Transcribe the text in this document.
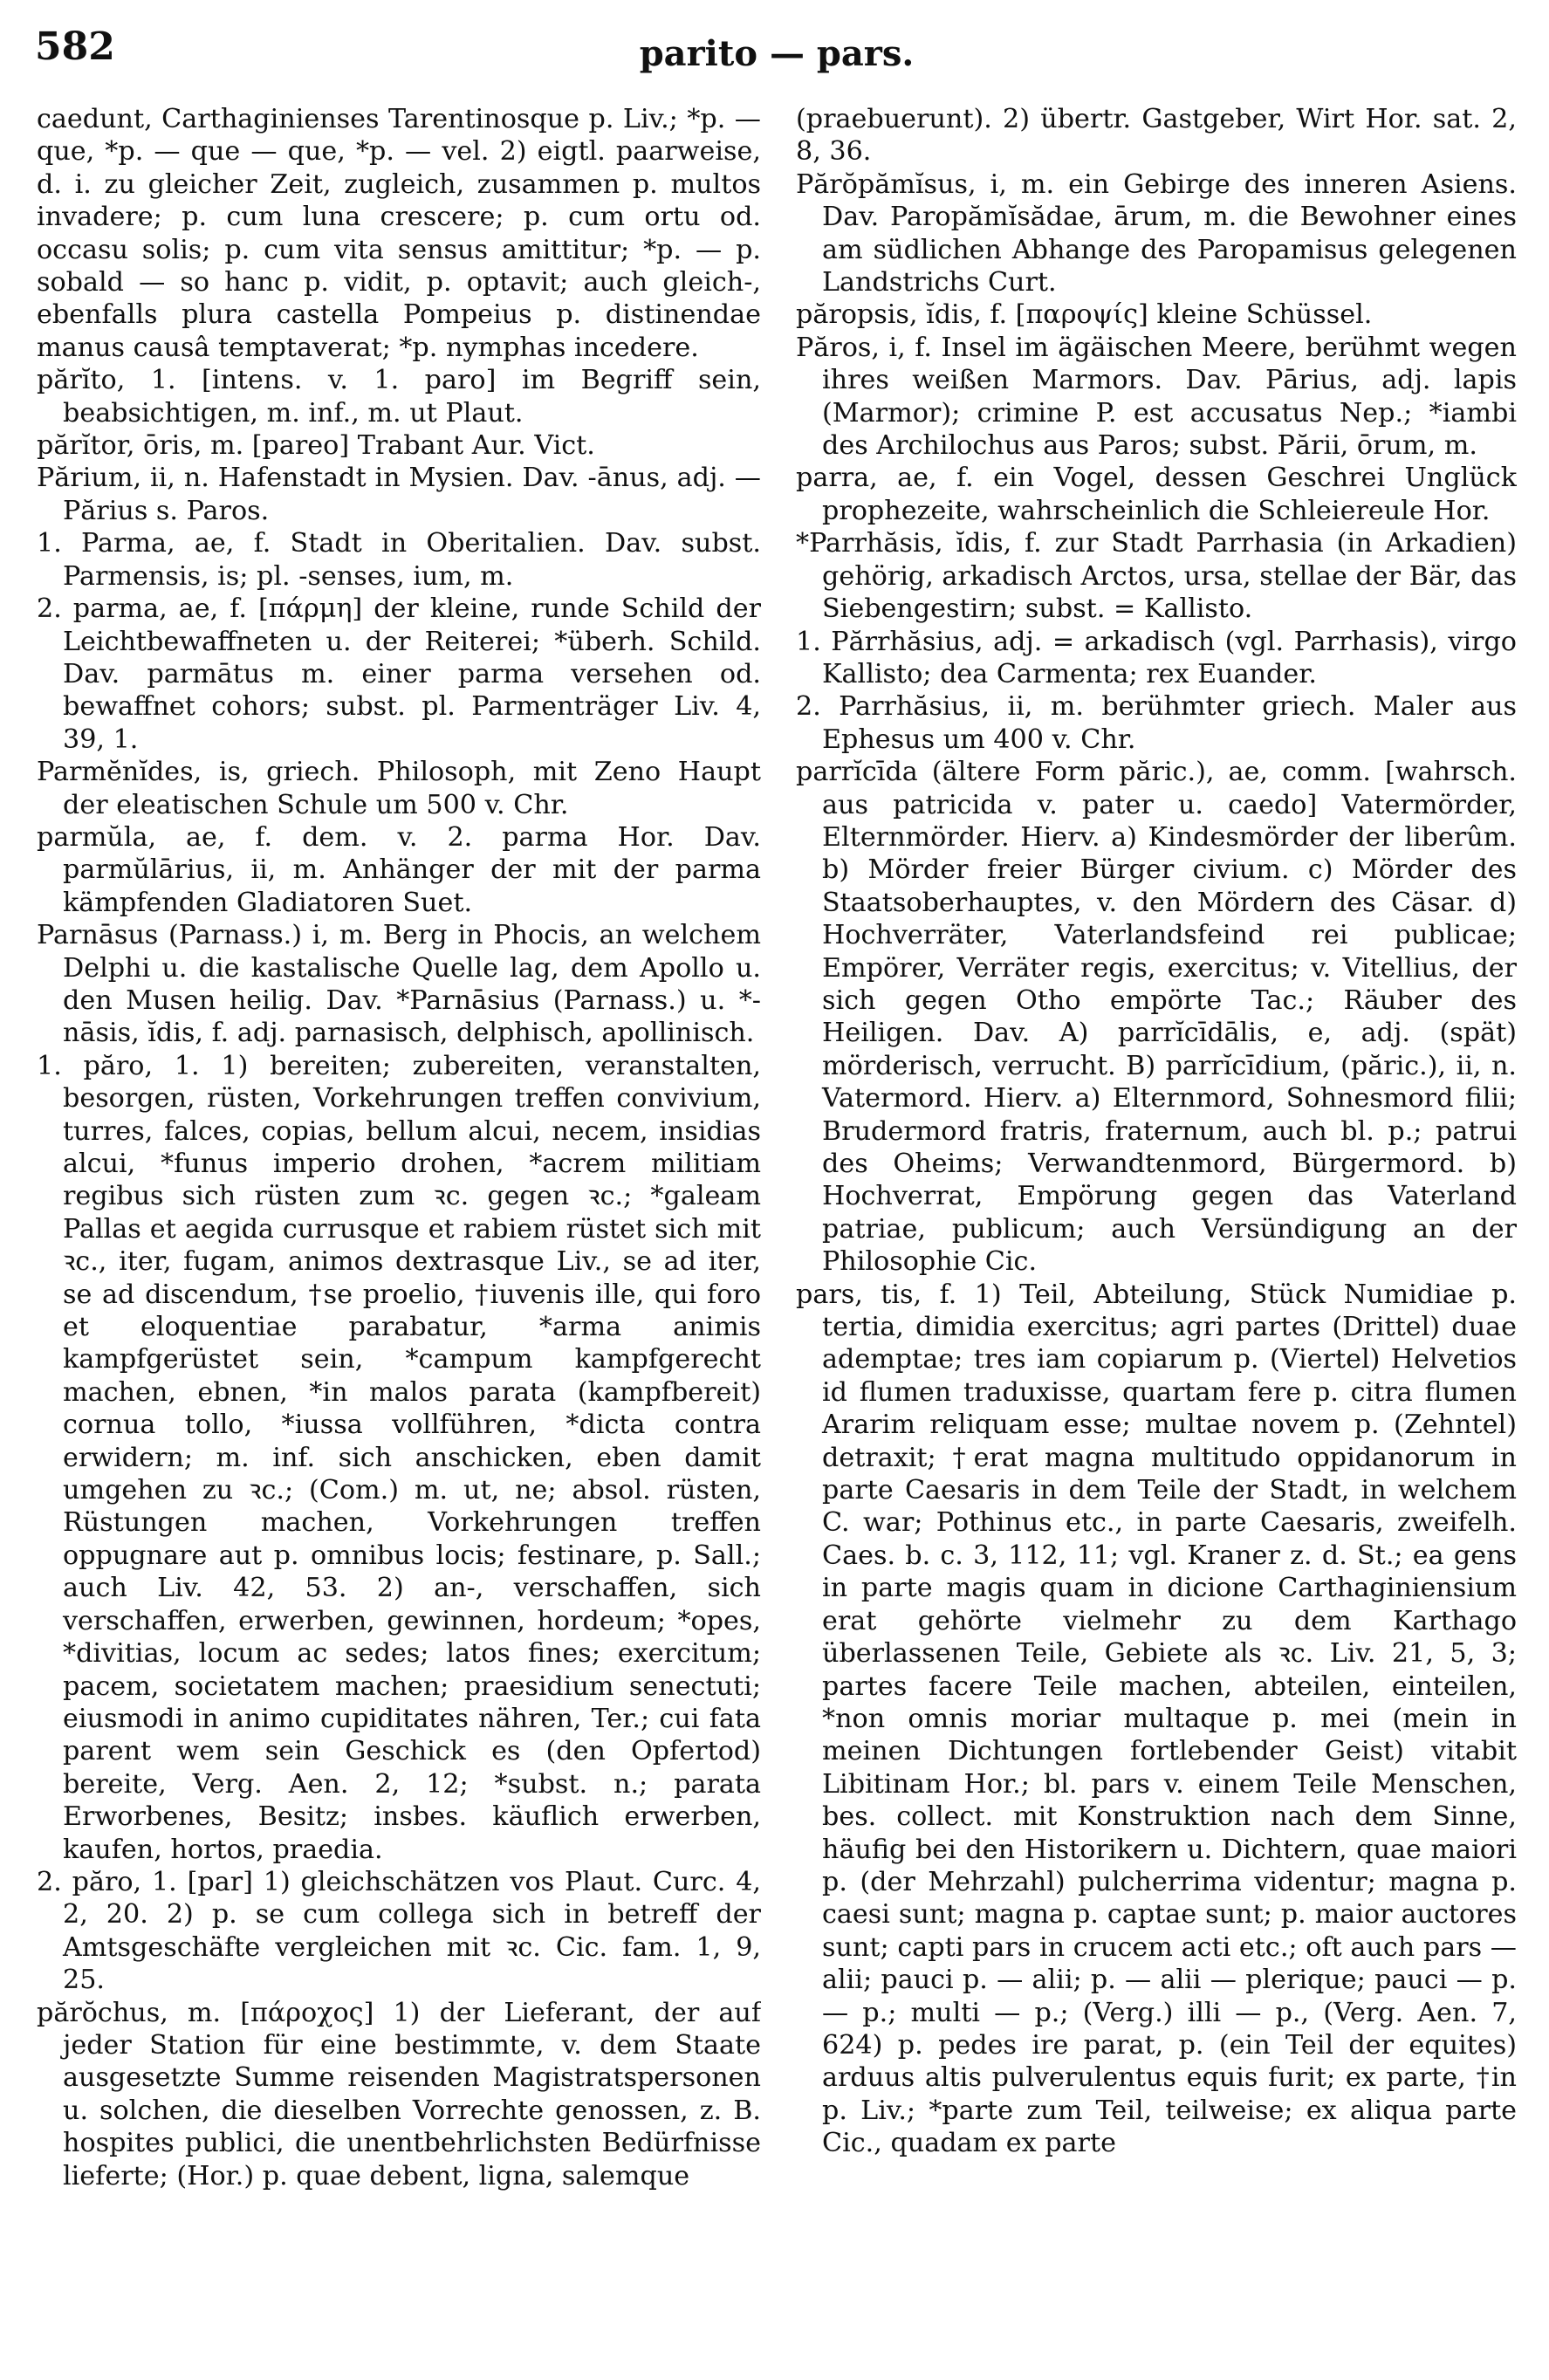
582	parito — pars.
caedunt, Carthaginienses Tarentinosque p. Liv.; *p. — que, *p. — que — que, *p. — vel. 2) eigtl. paarweise, d. i. zu gleicher Zeit, zugleich, zusammen p. multos invadere; p. cum luna crescere; p. cum ortu od. occasu solis; p. cum vita sensus amittitur; *p. — p. sobald — so hanc p. vidit, p. optavit; auch gleich-, ebenfalls plura castella Pompeius p. distinendae manus causâ temptaverat; *p. nymphas incedere.
părĭto, 1. [intens. v. 1. paro] im Begriff sein, beabsichtigen, m. inf., m. ut Plaut.
părĭtor, ōris, m. [pareo] Trabant Aur. Vict.
Părium, ii, n. Hafenstadt in Mysien. Dav. -ānus, adj. — Părius s. Paros.
1. Parma, ae, f. Stadt in Oberitalien. Dav. subst. Parmensis, is; pl. -senses, ium, m.
2. parma, ae, f. [πάρμη] der kleine, runde Schild der Leichtbewaffneten u. der Reiterei; *überh. Schild. Dav. parmātus m. einer parma versehen od. bewaffnet cohors; subst. pl. Parmenträger Liv. 4, 39, 1.
Parmĕnĭdes, is, griech. Philosoph, mit Zeno Haupt der eleatischen Schule um 500 v. Chr.
parmŭla, ae, f. dem. v. 2. parma Hor. Dav. parmŭlārius, ii, m. Anhänger der mit der parma kämpfenden Gladiatoren Suet.
Parnāsus (Parnass.) i, m. Berg in Phocis, an welchem Delphi u. die kastalische Quelle lag, dem Apollo u. den Musen heilig. Dav. *Parnāsius (Parnass.) u. *-nāsis, ĭdis, f. adj. parnasisch, delphisch, apollinisch.
1. păro, 1. 1) bereiten; zubereiten, veranstalten, besorgen, rüsten, Vorkehrungen treffen convivium, turres, falces, copias, bellum alcui, necem, insidias alcui, *funus imperio drohen, *acrem militiam regibus sich rüsten zum ꝛc. gegen ꝛc.; *galeam Pallas et aegida currusque et rabiem rüstet sich mit ꝛc., iter, fugam, animos dextrasque Liv., se ad iter, se ad discendum, †se proelio, †iuvenis ille, qui foro et eloquentiae parabatur, *arma animis kampfgerüstet sein, *campum kampfgerecht machen, ebnen, *in malos parata (kampfbereit) cornua tollo, *iussa vollführen, *dicta contra erwidern; m. inf. sich anschicken, eben damit umgehen zu ꝛc.; (Com.) m. ut, ne; absol. rüsten, Rüstungen machen, Vorkehrungen treffen oppugnare aut p. omnibus locis; festinare, p. Sall.; auch Liv. 42, 53. 2) an-, verschaffen, sich verschaffen, erwerben, gewinnen, hordeum; *opes, *divitias, locum ac sedes; latos fines; exercitum; pacem, societatem machen; praesidium senectuti; eiusmodi in animo cupiditates nähren, Ter.; cui fata parent wem sein Geschick es (den Opfertod) bereite, Verg. Aen. 2, 12; *subst. n.; parata Erworbenes, Besitz; insbes. käuflich erwerben, kaufen, hortos, praedia.
2. păro, 1. [par] 1) gleichschätzen vos Plaut. Curc. 4, 2, 20. 2) p. se cum collega sich in betreff der Amtsgeschäfte vergleichen mit ꝛc. Cic. fam. 1, 9, 25.
părŏchus, m. [πάροχος] 1) der Lieferant, der auf jeder Station für eine bestimmte, v. dem Staate ausgesetzte Summe reisenden Magistratspersonen u. solchen, die dieselben Vorrechte genossen, z. B. hospites publici, die unentbehrlichsten Bedürfnisse lieferte; (Hor.) p. quae debent, ligna, salemque
(praebuerunt). 2) übertr. Gastgeber, Wirt Hor. sat. 2, 8, 36.
Părŏpămĭsus, i, m. ein Gebirge des inneren Asiens. Dav. Paropămĭsădae, ārum, m. die Bewohner eines am südlichen Abhange des Paropamisus gelegenen Landstrichs Curt.
păropsis, ĭdis, f. [παροψίς] kleine Schüssel.
Păros, i, f. Insel im ägäischen Meere, berühmt wegen ihres weißen Marmors. Dav. Pārius, adj. lapis (Marmor); crimine P. est accusatus Nep.; *iambi des Archilochus aus Paros; subst. Pării, ōrum, m.
parra, ae, f. ein Vogel, dessen Geschrei Unglück prophezeite, wahrscheinlich die Schleiereule Hor.
*Parrhăsis, ĭdis, f. zur Stadt Parrhasia (in Arkadien) gehörig, arkadisch Arctos, ursa, stellae der Bär, das Siebengestirn; subst. = Kallisto.
1. Părrhăsius, adj. = arkadisch (vgl. Parrhasis), virgo Kallisto; dea Carmenta; rex Euander.
2. Parrhăsius, ii, m. berühmter griech. Maler aus Ephesus um 400 v. Chr.
parrĭcīda (ältere Form păric.), ae, comm. [wahrsch. aus patricida v. pater u. caedo] Vatermörder, Elternmörder. Hierv. a) Kindesmörder der liberûm. b) Mörder freier Bürger civium. c) Mörder des Staatsoberhauptes, v. den Mördern des Cäsar. d) Hochverräter, Vaterlandsfeind rei publicae; Empörer, Verräter regis, exercitus; v. Vitellius, der sich gegen Otho empörte Tac.; Räuber des Heiligen. Dav. A) parrĭcīdālis, e, adj. (spät) mörderisch, verrucht. B) parrĭcīdium, (păric.), ii, n. Vatermord. Hierv. a) Elternmord, Sohnesmord filii; Brudermord fratris, fraternum, auch bl. p.; patrui des Oheims; Verwandtenmord, Bürgermord. b) Hochverrat, Empörung gegen das Vaterland patriae, publicum; auch Versündigung an der Philosophie Cic.
pars, tis, f. 1) Teil, Abteilung, Stück Numidiae p. tertia, dimidia exercitus; agri partes (Drittel) duae ademptae; tres iam copiarum p. (Viertel) Helvetios id flumen traduxisse, quartam fere p. citra flumen Ararim reliquam esse; multae novem p. (Zehntel) detraxit; †erat magna multitudo oppidanorum in parte Caesaris in dem Teile der Stadt, in welchem C. war; Pothinus etc., in parte Caesaris, zweifelh. Caes. b. c. 3, 112, 11; vgl. Kraner z. d. St.; ea gens in parte magis quam in dicione Carthaginiensium erat gehörte vielmehr zu dem Karthago überlassenen Teile, Gebiete als ꝛc. Liv. 21, 5, 3; partes facere Teile machen, abteilen, einteilen, *non omnis moriar multaque p. mei (mein in meinen Dichtungen fortlebender Geist) vitabit Libitinam Hor.; bl. pars v. einem Teile Menschen, bes. collect. mit Konstruktion nach dem Sinne, häufig bei den Historikern u. Dichtern, quae maiori p. (der Mehrzahl) pulcherrima videntur; magna p. caesi sunt; magna p. captae sunt; p. maior auctores sunt; capti pars in crucem acti etc.; oft auch pars — alii; pauci p. — alii; p. — alii — plerique; pauci — p. — p.; multi — p.; (Verg.) illi — p., (Verg. Aen. 7, 624) p. pedes ire parat, p. (ein Teil der equites) arduus altis pulverulentus equis furit; ex parte, †in p. Liv.; *parte zum Teil, teilweise; ex aliqua parte Cic., quadam ex parte
